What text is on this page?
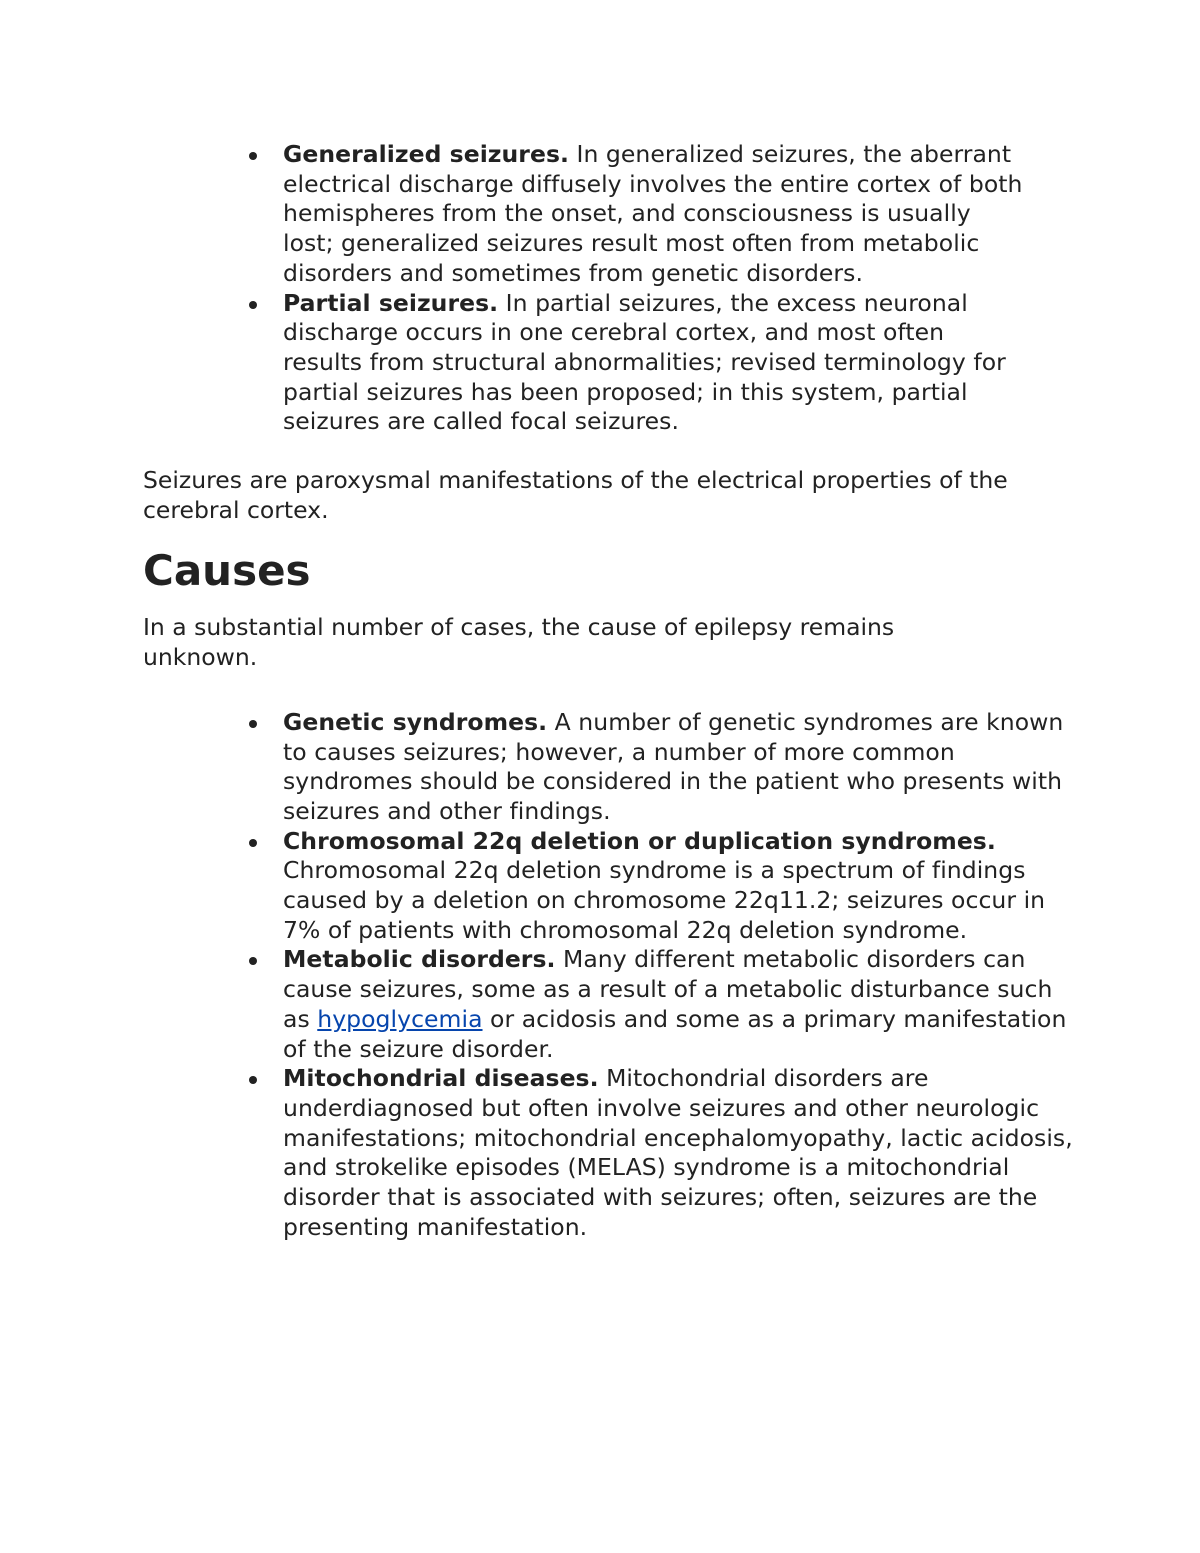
Generalized seizures. In generalized seizures, the aberrant electrical discharge diffusely involves the entire cortex of both hemispheres from the onset, and consciousness is usually lost; generalized seizures result most often from metabolic disorders and sometimes from genetic disorders.
Partial seizures. In partial seizures, the excess neuronal discharge occurs in one cerebral cortex, and most often results from structural abnormalities; revised terminology for partial seizures has been proposed; in this system, partial seizures are called focal seizures.

Seizures are paroxysmal manifestations of the electrical properties of the cerebral cortex.

Causes

In a substantial number of cases, the cause of epilepsy remains unknown.

Genetic syndromes. A number of genetic syndromes are known to causes seizures; however, a number of more common syndromes should be considered in the patient who presents with seizures and other findings.
Chromosomal 22q deletion or duplication syndromes. Chromosomal 22q deletion syndrome is a spectrum of findings caused by a deletion on chromosome 22q11.2; seizures occur in 7% of patients with chromosomal 22q deletion syndrome.
Metabolic disorders. Many different metabolic disorders can cause seizures, some as a result of a metabolic disturbance such as hypoglycemia or acidosis and some as a primary manifestation of the seizure disorder.
Mitochondrial diseases. Mitochondrial disorders are underdiagnosed but often involve seizures and other neurologic manifestations; mitochondrial encephalomyopathy, lactic acidosis, and strokelike episodes (MELAS) syndrome is a mitochondrial disorder that is associated with seizures; often, seizures are the presenting manifestation.
